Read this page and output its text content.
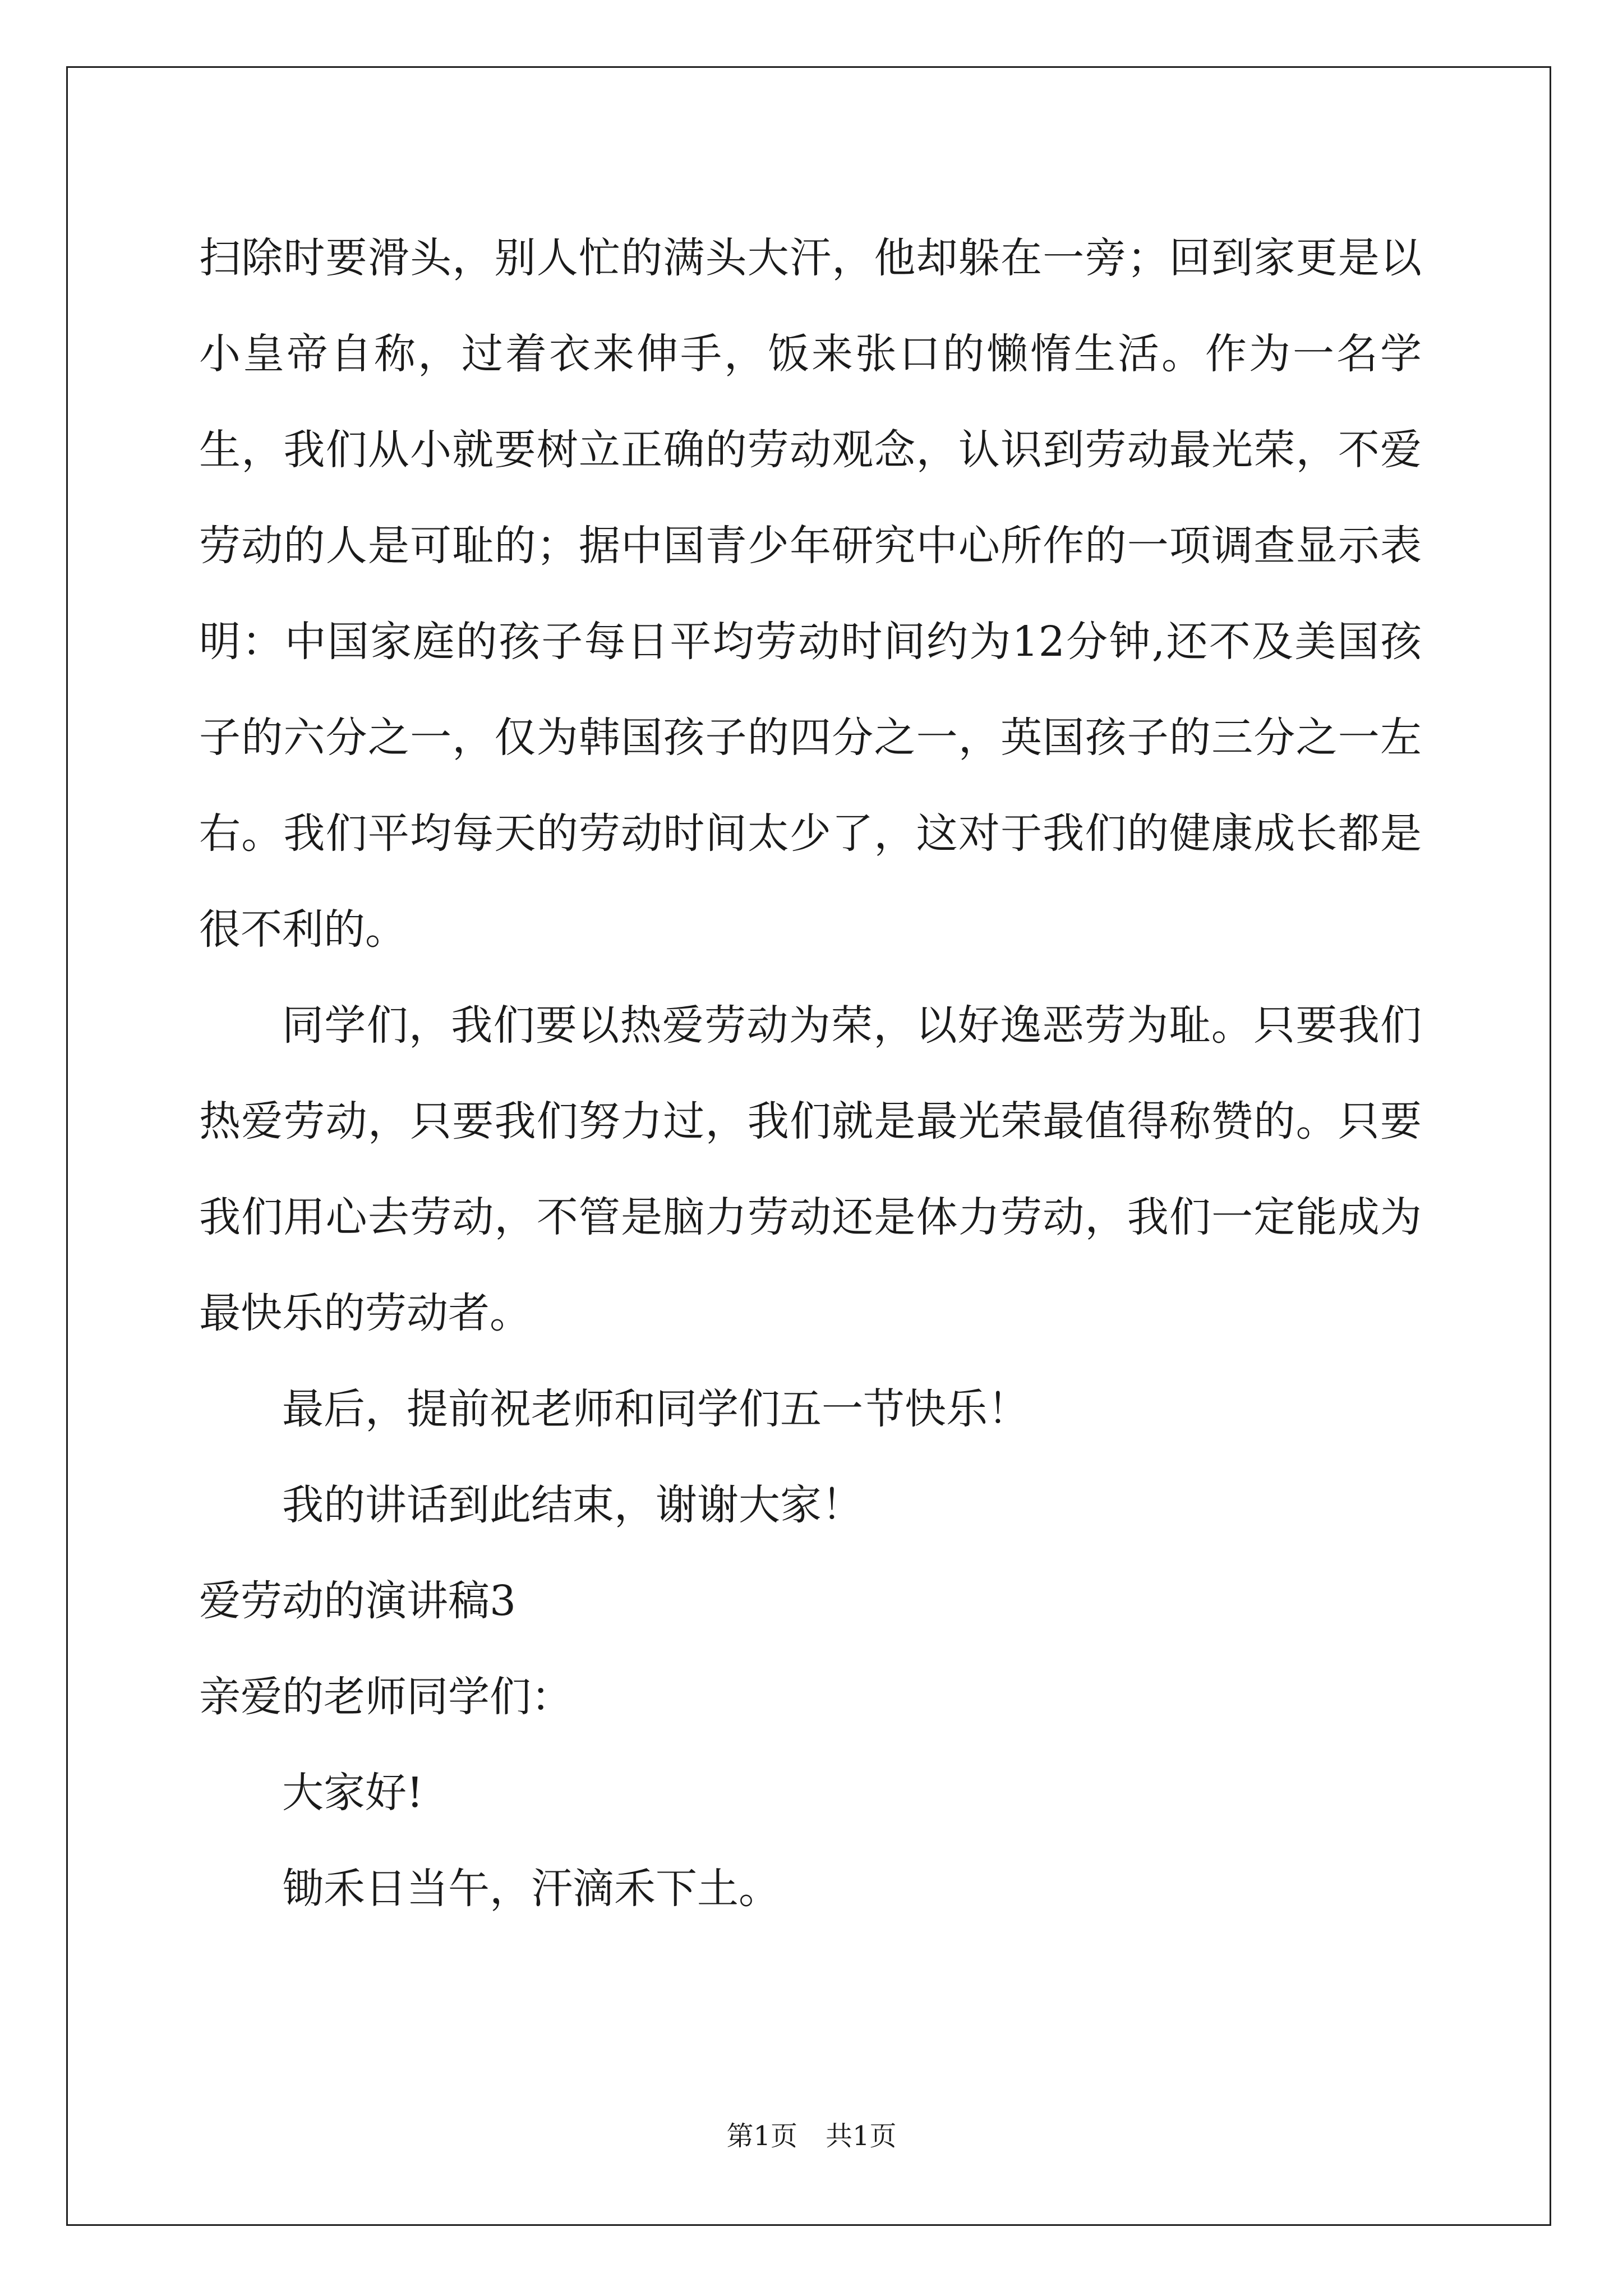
扫除时要滑头，别人忙的满头大汗，他却躲在一旁；回到家更是以小皇帝自称，过着衣来伸手，饭来张口的懒惰生活。作为一名学生，我们从小就要树立正确的劳动观念，认识到劳动最光荣，不爱劳动的人是可耻的；据中国青少年研究中心所作的一项调查显示表明：中国家庭的孩子每日平均劳动时间约为12分钟,还不及美国孩子的六分之一，仅为韩国孩子的四分之一，英国孩子的三分之一左右。我们平均每天的劳动时间太少了，这对于我们的健康成长都是很不利的。

同学们，我们要以热爱劳动为荣，以好逸恶劳为耻。只要我们热爱劳动，只要我们努力过，我们就是最光荣最值得称赞的。只要我们用心去劳动，不管是脑力劳动还是体力劳动，我们一定能成为最快乐的劳动者。

最后，提前祝老师和同学们五一节快乐！

我的讲话到此结束，谢谢大家！

爱劳动的演讲稿3

亲爱的老师同学们：

大家好!

锄禾日当午，汗滴禾下土。

第1页 共1页
